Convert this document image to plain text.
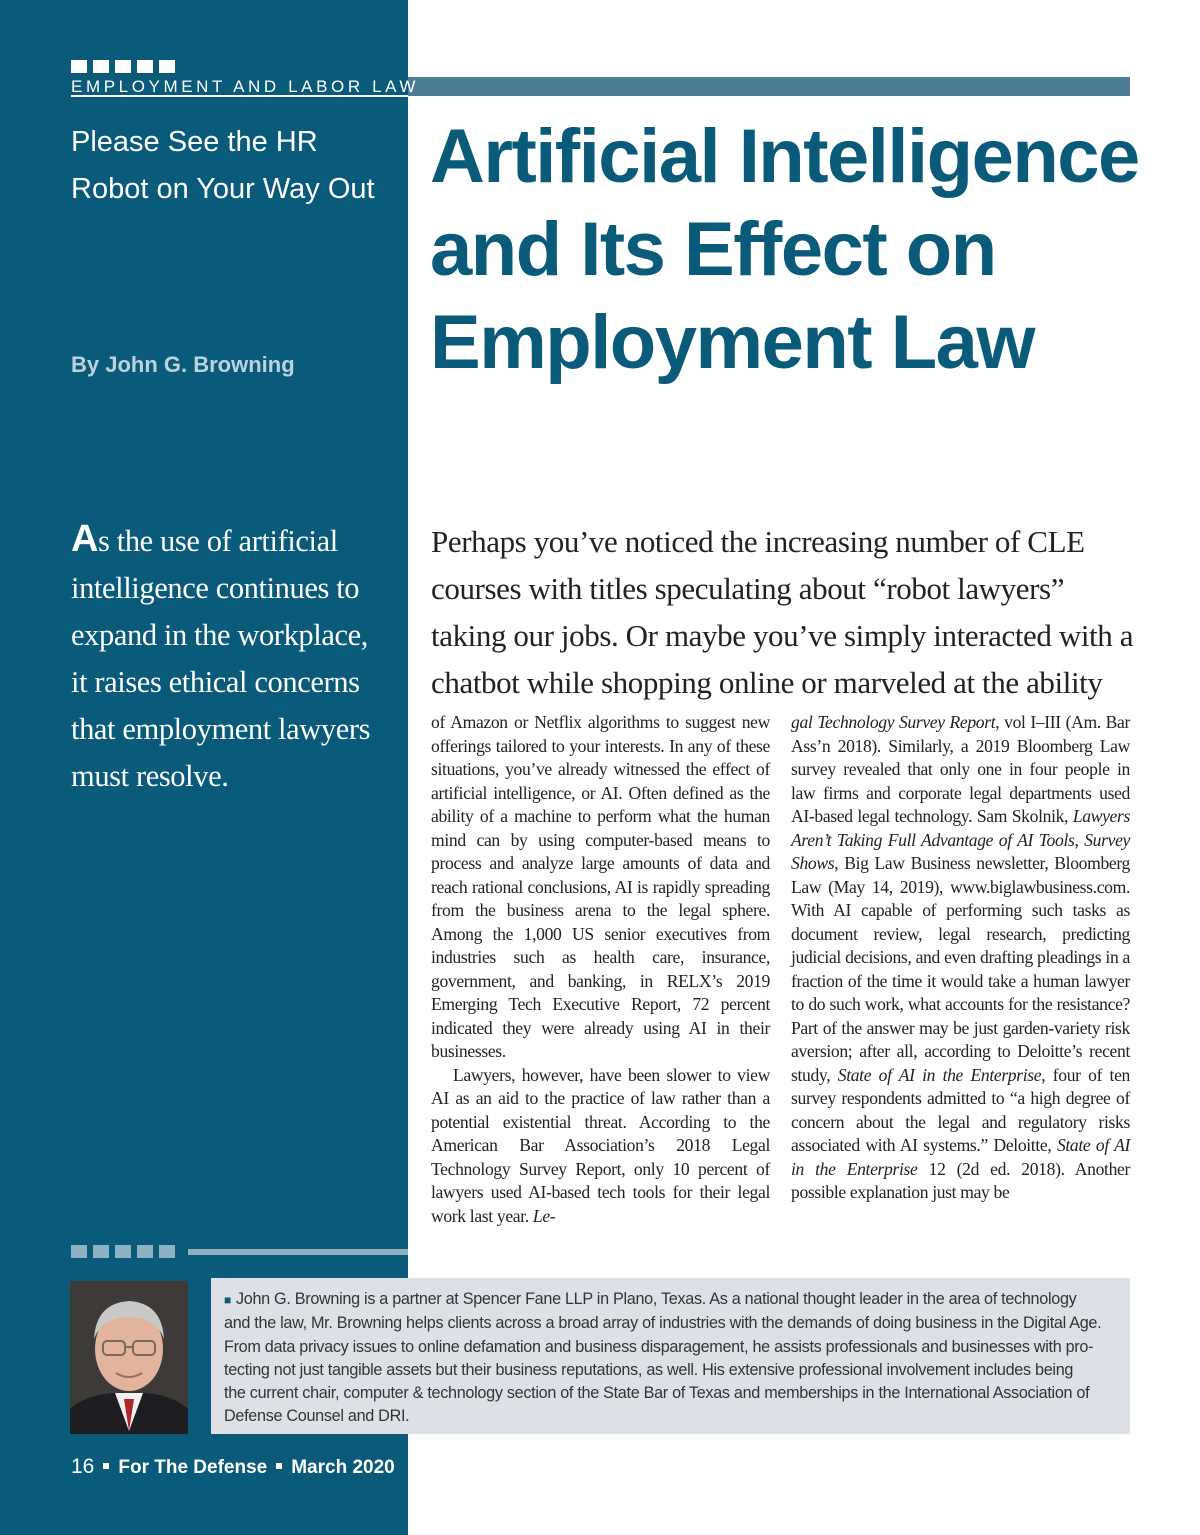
EMPLOYMENT AND LABOR LAW
Please See the HR
Robot on Your Way Out
By John G. Browning
Artificial Intelligence
and Its Effect on
Employment Law
As the use of artificial intelligence continues to expand in the workplace, it raises ethical concerns that employment lawyers must resolve.
Perhaps you’ve noticed the increasing number of CLE
courses with titles speculating about “robot lawyers”
taking our jobs. Or maybe you’ve simply interacted with a
chatbot while shopping online or marveled at the ability

of Amazon or Netflix algorithms to suggest new offerings tailored to your interests. In any of these situations, you’ve already witnessed the effect of artificial intelligence, or AI. Often defined as the ability of a machine to perform what the human mind can by using computer-based means to process and analyze large amounts of data and reach rational conclusions, AI is rapidly spreading from the business arena to the legal sphere. Among the 1,000 US senior executives from industries such as health care, insurance, government, and banking, in RELX’s 2019 Emerging Tech Executive Report, 72 percent indicated they were already using AI in their businesses.

Lawyers, however, have been slower to view AI as an aid to the practice of law rather than a potential existential threat. According to the American Bar Association’s 2018 Legal Technology Survey Report, only 10 percent of lawyers used AI-based tech tools for their legal work last year. Le-

gal Technology Survey Report, vol I–III (Am. Bar Ass’n 2018). Similarly, a 2019 Bloomberg Law survey revealed that only one in four people in law firms and corporate legal departments used AI-based legal technology. Sam Skolnik, Lawyers Aren’t Taking Full Advantage of AI Tools, Survey Shows, Big Law Business newsletter, Bloomberg Law (May 14, 2019), www.biglawbusiness.com. With AI capable of performing such tasks as document review, legal research, predicting judicial decisions, and even drafting pleadings in a fraction of the time it would take a human lawyer to do such work, what accounts for the resistance? Part of the answer may be just garden-variety risk aversion; after all, according to Deloitte’s recent study, State of AI in the Enterprise, four of ten survey respondents admitted to “a high degree of concern about the legal and regulatory risks associated with AI systems.” Deloitte, State of AI in the Enterprise 12 (2d ed. 2018). Another possible explanation just may be

■ John G. Browning is a partner at Spencer Fane LLP in Plano, Texas. As a national thought leader in the area of technology
and the law, Mr. Browning helps clients across a broad array of industries with the demands of doing business in the Digital Age.
From data privacy issues to online defamation and business disparagement, he assists professionals and businesses with pro-
tecting not just tangible assets but their business reputations, as well. His extensive professional involvement includes being
the current chair, computer & technology section of the State Bar of Texas and memberships in the International Association of
Defense Counsel and DRI.
16 For The Defense March 2020
